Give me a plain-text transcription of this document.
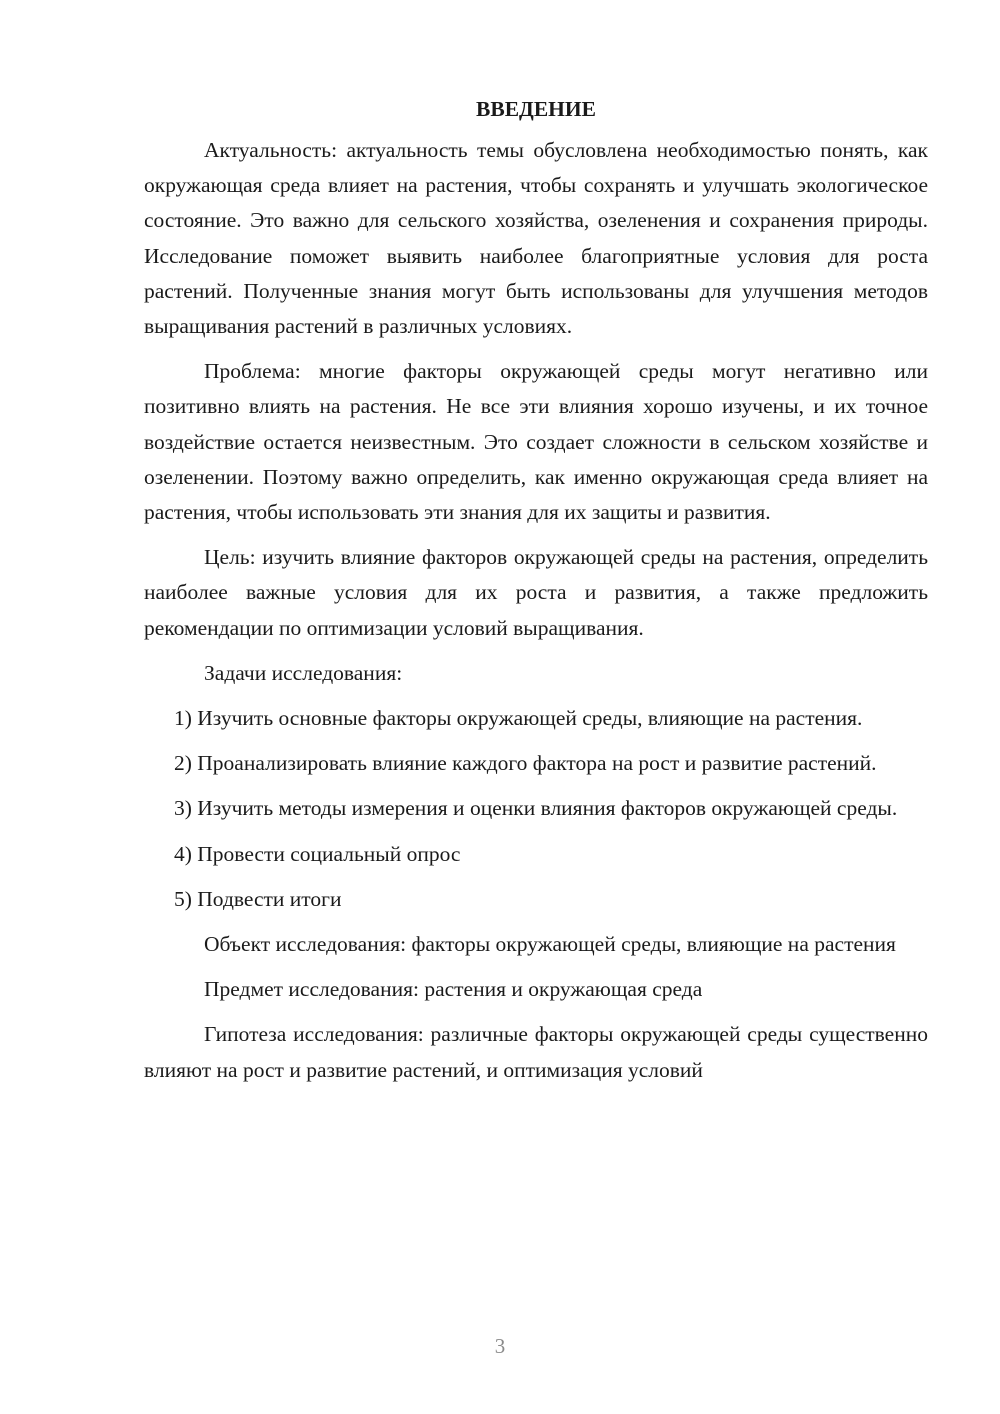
ВВЕДЕНИЕ

Актуальность: актуальность темы обусловлена необходимостью понять, как окружающая среда влияет на растения, чтобы сохранять и улучшать экологическое состояние. Это важно для сельского хозяйства, озеленения и сохранения природы. Исследование поможет выявить наиболее благоприятные условия для роста растений. Полученные знания могут быть использованы для улучшения методов выращивания растений в различных условиях.

Проблема: многие факторы окружающей среды могут негативно или позитивно влиять на растения. Не все эти влияния хорошо изучены, и их точное воздействие остается неизвестным. Это создает сложности в сельском хозяйстве и озеленении. Поэтому важно определить, как именно окружающая среда влияет на растения, чтобы использовать эти знания для их защиты и развития.

Цель: изучить влияние факторов окружающей среды на растения, определить наиболее важные условия для их роста и развития, а также предложить рекомендации по оптимизации условий выращивания.

Задачи исследования:

1) Изучить основные факторы окружающей среды, влияющие на растения.

2) Проанализировать влияние каждого фактора на рост и развитие растений.

3) Изучить методы измерения и оценки влияния факторов окружающей среды.

4) Провести социальный опрос

5) Подвести итоги

Объект исследования: факторы окружающей среды, влияющие на растения

Предмет исследования: растения и окружающая среда

Гипотеза исследования: различные факторы окружающей среды существенно влияют на рост и развитие растений, и оптимизация условий

3
